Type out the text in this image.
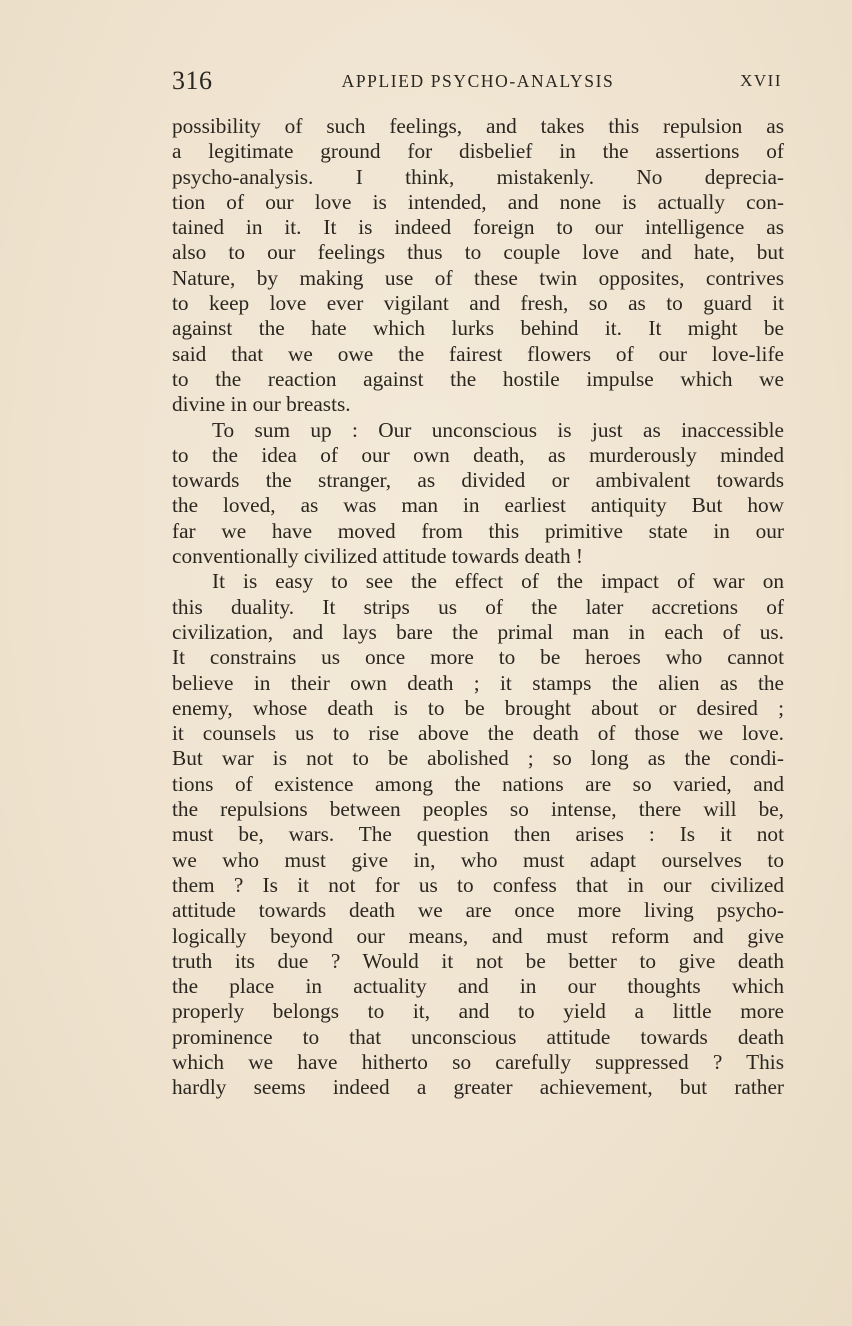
316	APPLIED PSYCHO-ANALYSIS	XVII
possibility of such feelings, and takes this repulsion as
a legitimate ground for disbelief in the assertions of
psycho-analysis. I think, mistakenly. No deprecia-
tion of our love is intended, and none is actually con-
tained in it. It is indeed foreign to our intelligence as
also to our feelings thus to couple love and hate, but
Nature, by making use of these twin opposites, contrives
to keep love ever vigilant and fresh, so as to guard it
against the hate which lurks behind it. It might be
said that we owe the fairest flowers of our love-life
to the reaction against the hostile impulse which we
divine in our breasts.
To sum up : Our unconscious is just as inaccessible
to the idea of our own death, as murderously minded
towards the stranger, as divided or ambivalent towards
the loved, as was man in earliest antiquity But how
far we have moved from this primitive state in our
conventionally civilized attitude towards death !
It is easy to see the effect of the impact of war on
this duality. It strips us of the later accretions of
civilization, and lays bare the primal man in each of us.
It constrains us once more to be heroes who cannot
believe in their own death ; it stamps the alien as the
enemy, whose death is to be brought about or desired ;
it counsels us to rise above the death of those we love.
But war is not to be abolished ; so long as the condi-
tions of existence among the nations are so varied, and
the repulsions between peoples so intense, there will be,
must be, wars. The question then arises : Is it not
we who must give in, who must adapt ourselves to
them ? Is it not for us to confess that in our civilized
attitude towards death we are once more living psycho-
logically beyond our means, and must reform and give
truth its due ? Would it not be better to give death
the place in actuality and in our thoughts which
properly belongs to it, and to yield a little more
prominence to that unconscious attitude towards death
which we have hitherto so carefully suppressed ? This
hardly seems indeed a greater achievement, but rather
